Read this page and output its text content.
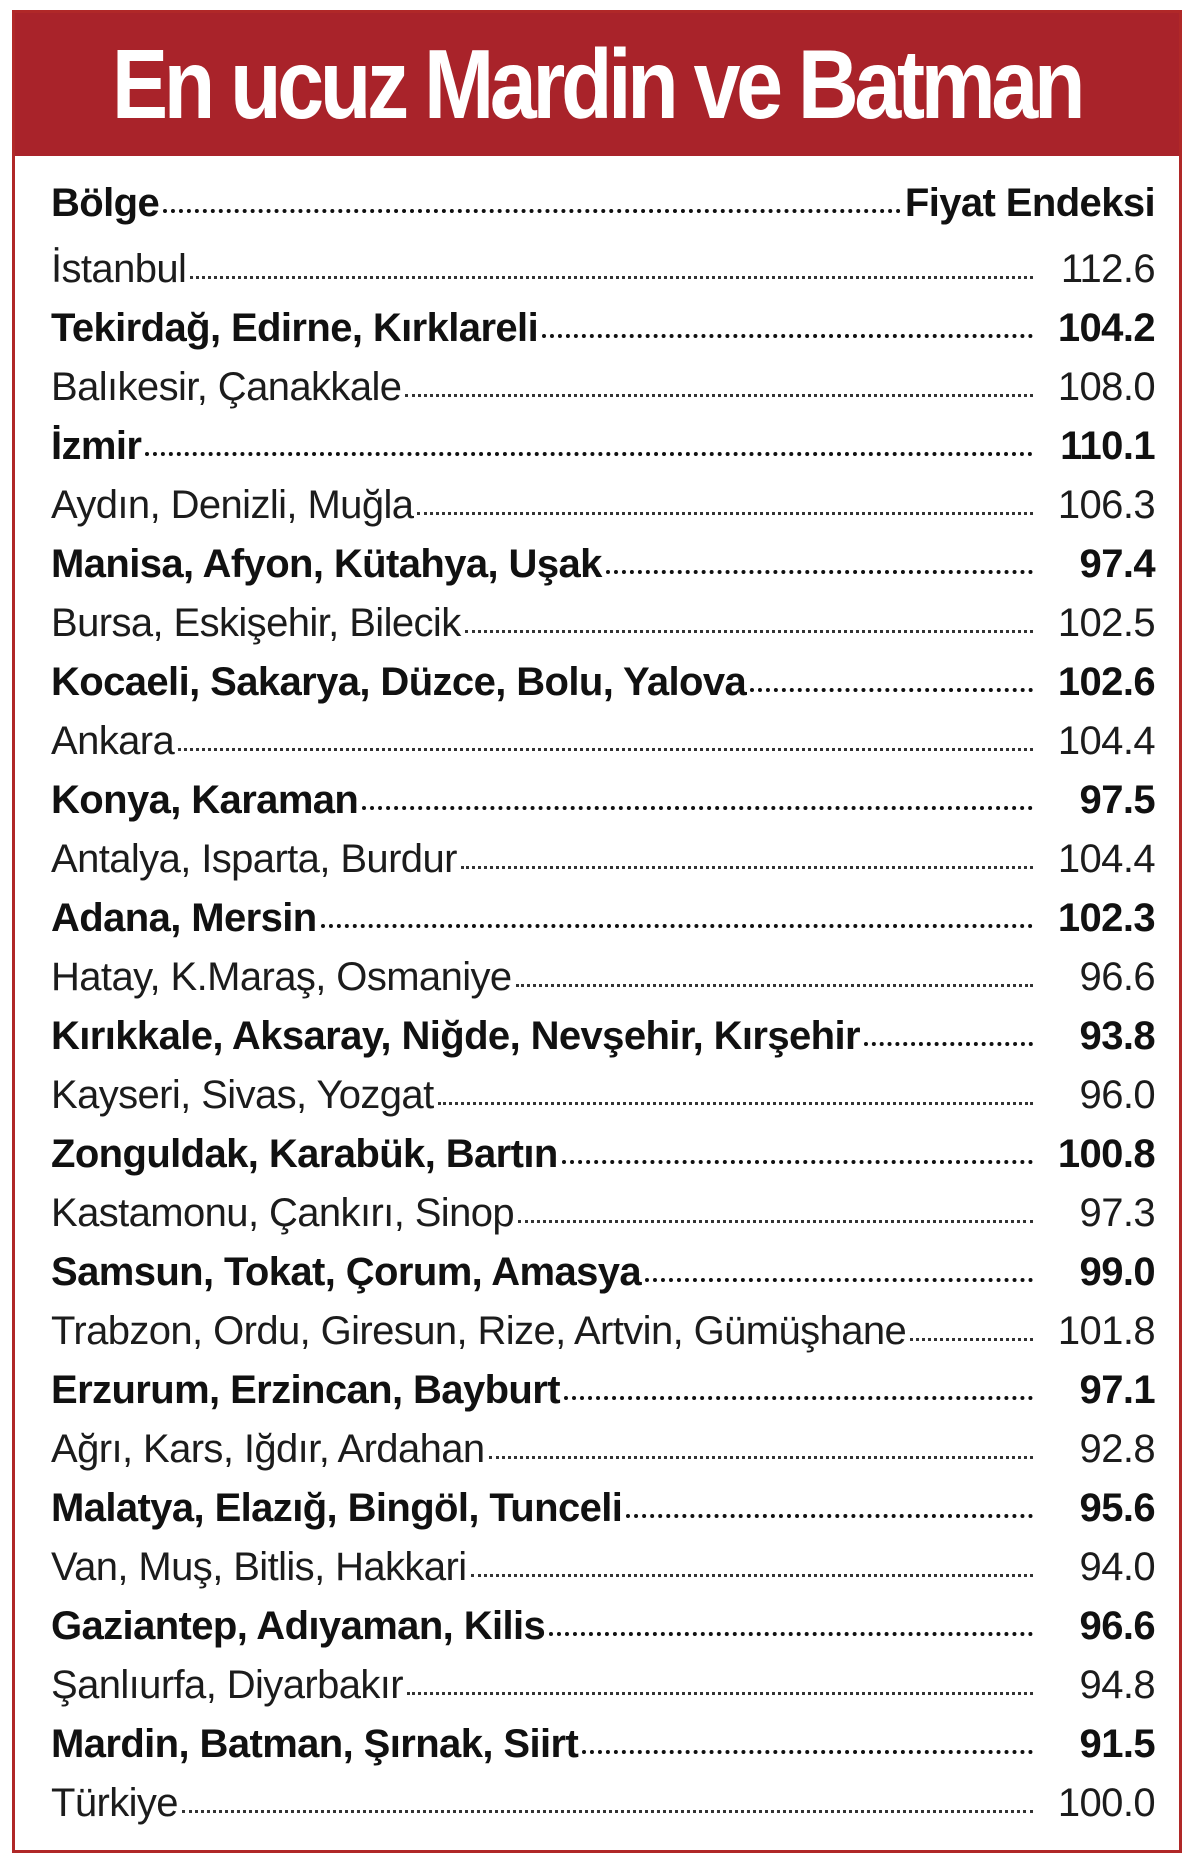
En ucuz Mardin ve Batman
Bölge	Fiyat Endeksi
İstanbul	112.6
Tekirdağ, Edirne, Kırklareli	104.2
Balıkesir, Çanakkale	108.0
İzmir	110.1
Aydın, Denizli, Muğla	106.3
Manisa, Afyon, Kütahya, Uşak	97.4
Bursa, Eskişehir, Bilecik	102.5
Kocaeli, Sakarya, Düzce, Bolu, Yalova	102.6
Ankara	104.4
Konya, Karaman	97.5
Antalya, Isparta, Burdur	104.4
Adana, Mersin	102.3
Hatay, K.Maraş, Osmaniye	96.6
Kırıkkale, Aksaray, Niğde, Nevşehir, Kırşehir	93.8
Kayseri, Sivas, Yozgat	96.0
Zonguldak, Karabük, Bartın	100.8
Kastamonu, Çankırı, Sinop	97.3
Samsun, Tokat, Çorum, Amasya	99.0
Trabzon, Ordu, Giresun, Rize, Artvin, Gümüşhane	101.8
Erzurum, Erzincan, Bayburt	97.1
Ağrı, Kars, Iğdır, Ardahan	92.8
Malatya, Elazığ, Bingöl, Tunceli	95.6
Van, Muş, Bitlis, Hakkari	94.0
Gaziantep, Adıyaman, Kilis	96.6
Şanlıurfa, Diyarbakır	94.8
Mardin, Batman, Şırnak, Siirt	91.5
Türkiye	100.0
